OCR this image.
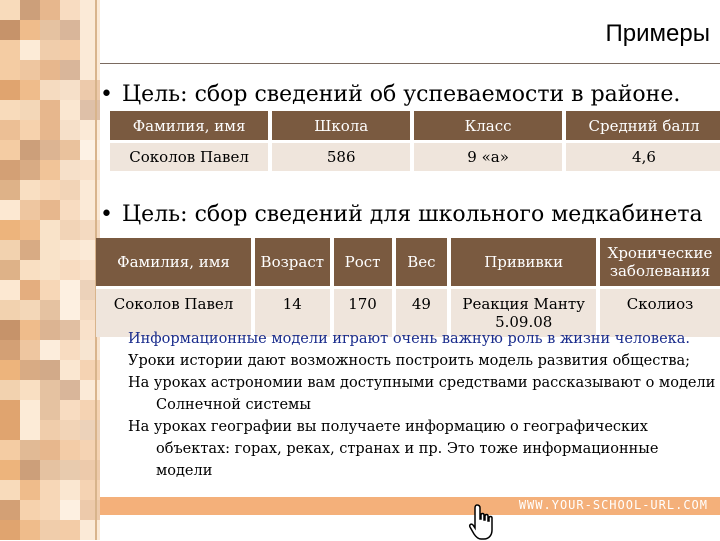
Примеры
• Цель: сбор сведений об успеваемости в районе.
Фамилия, имя	Школа	Класс	Средний балл
Соколов Павел	586	9 «а»	4,6
• Цель: сбор сведений для школьного медкабинета
Фамилия, имя	Возраст	Рост	Вес	Прививки	Хронические заболевания
Соколов Павел	14	170	49	Реакция Манту 5.09.08	Сколиоз

Информационные модели играют очень важную роль в жизни человека.

Уроки истории дают возможность построить модель развития общества;

На уроках астрономии вам доступными средствами рассказывают о модели Солнечной системы

На уроках географии вы получаете информацию о географических объектах: горах, реках, странах и пр. Это тоже информационные модели

WWW.YOUR-SCHOOL-URL.COM
